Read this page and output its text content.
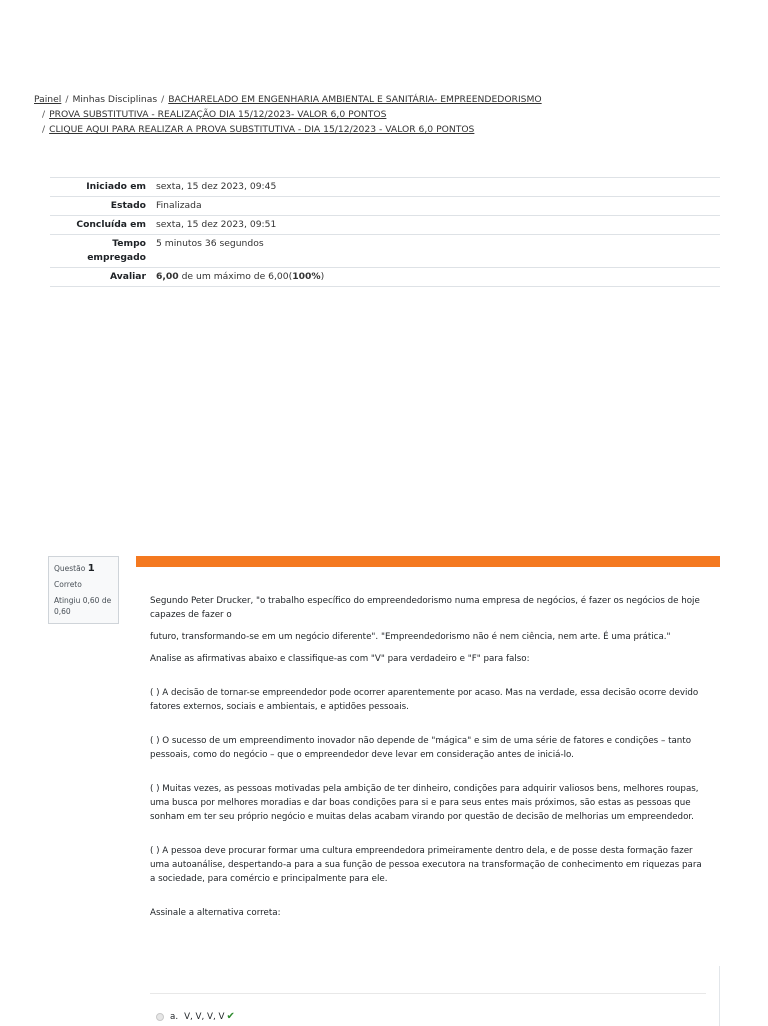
Painel / Minhas Disciplinas / BACHARELADO EM ENGENHARIA AMBIENTAL E SANITÁRIA- EMPREENDEDORISMO
/ PROVA SUBSTITUTIVA - REALIZAÇÃO DIA 15/12/2023- VALOR 6,0 PONTOS
/ CLIQUE AQUI PARA REALIZAR A PROVA SUBSTITUTIVA - DIA 15/12/2023 - VALOR 6,0 PONTOS
Iniciado em	sexta, 15 dez 2023, 09:45
Estado	Finalizada
Concluída em	sexta, 15 dez 2023, 09:51
Tempo
empregado	5 minutos 36 segundos
Avaliar	6,00 de um máximo de 6,00(100%)
Questão 1
Correto
Atingiu 0,60 de 0,60

Segundo Peter Drucker, "o trabalho específico do empreendedorismo numa empresa de negócios, é fazer os negócios de hoje capazes de fazer o

futuro, transformando-se em um negócio diferente". "Empreendedorismo não é nem ciência, nem arte. É uma prática."

Analise as afirmativas abaixo e classifique-as com "V" para verdadeiro e "F" para falso:

( ) A decisão de tornar-se empreendedor pode ocorrer aparentemente por acaso. Mas na verdade, essa decisão ocorre devido fatores externos, sociais e ambientais, e aptidões pessoais.

( ) O sucesso de um empreendimento inovador não depende de "mágica" e sim de uma série de fatores e condições – tanto pessoais, como do negócio – que o empreendedor deve levar em consideração antes de iniciá-lo.

( ) Muitas vezes, as pessoas motivadas pela ambição de ter dinheiro, condições para adquirir valiosos bens, melhores roupas, uma busca por melhores moradias e dar boas condições para si e para seus entes mais próximos, são estas as pessoas que sonham em ter seu próprio negócio e muitas delas acabam virando por questão de decisão de melhorias um empreendedor.

( ) A pessoa deve procurar formar uma cultura empreendedora primeiramente dentro dela, e de posse desta formação fazer uma autoanálise, despertando-a para a sua função de pessoa executora na transformação de conhecimento em riquezas para a sociedade, para comércio e principalmente para ele.

Assinale a alternativa correta:

a. V, V, V, V ✔
